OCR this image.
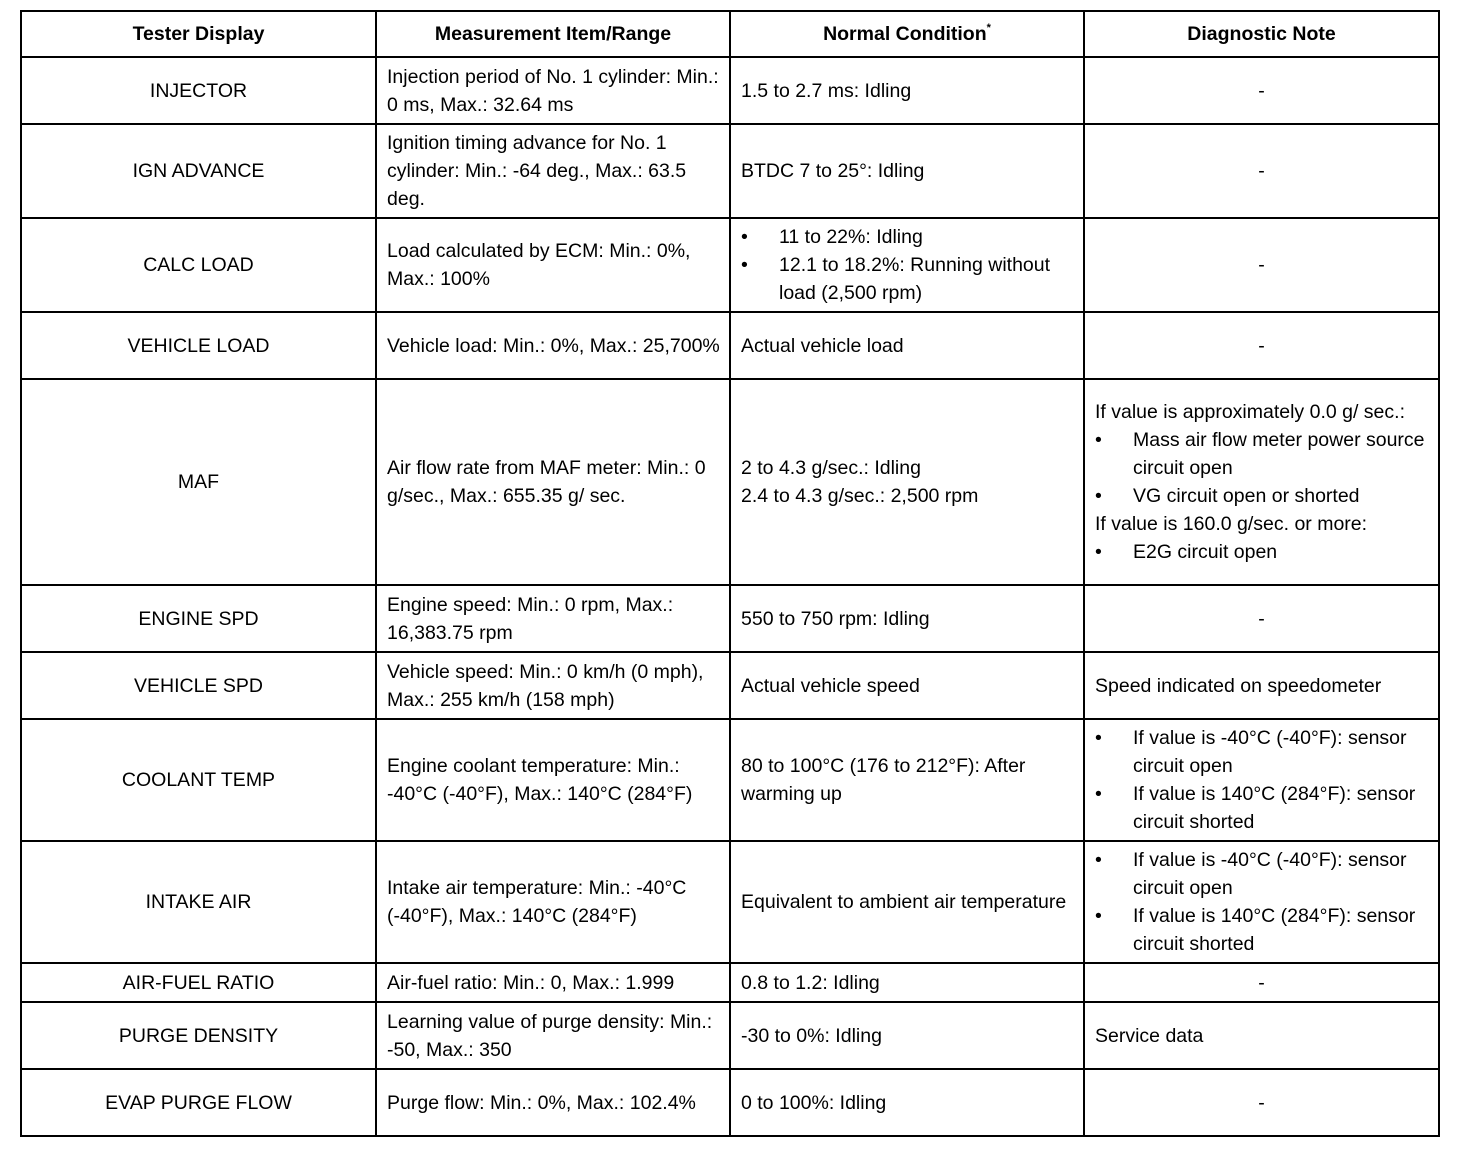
Tester Display	Measurement Item/Range	Normal Condition*	Diagnostic Note
INJECTOR	Injection period of No. 1 cylinder: Min.: 0 ms, Max.: 32.64 ms	1.5 to 2.7 ms: Idling	-
IGN ADVANCE	Ignition timing advance for No. 1 cylinder: Min.: -64 deg., Max.: 63.5 deg.	BTDC 7 to 25°: Idling	-
CALC LOAD	Load calculated by ECM: Min.: 0%, Max.: 100%	• 11 to 22%: Idling
• 12.1 to 18.2%: Running without load (2,500 rpm)	-
VEHICLE LOAD	Vehicle load: Min.: 0%, Max.: 25,700%	Actual vehicle load	-
MAF	Air flow rate from MAF meter: Min.: 0 g/sec., Max.: 655.35 g/ sec.	2 to 4.3 g/sec.: Idling
2.4 to 4.3 g/sec.: 2,500 rpm	If value is approximately 0.0 g/ sec.:
• Mass air flow meter power source circuit open
• VG circuit open or shorted
If value is 160.0 g/sec. or more:
• E2G circuit open

ENGINE SPD	Engine speed: Min.: 0 rpm, Max.: 16,383.75 rpm	550 to 750 rpm: Idling	-
VEHICLE SPD	Vehicle speed: Min.: 0 km/h (0 mph), Max.: 255 km/h (158 mph)	Actual vehicle speed	Speed indicated on speedometer
COOLANT TEMP	Engine coolant temperature: Min.: -40°C (-40°F), Max.: 140°C (284°F)	80 to 100°C (176 to 212°F): After warming up	• If value is -40°C (-40°F): sensor circuit open
• If value is 140°C (284°F): sensor circuit shorted

INTAKE AIR	Intake air temperature: Min.: -40°C (-40°F), Max.: 140°C (284°F)	Equivalent to ambient air temperature	• If value is -40°C (-40°F): sensor circuit open
• If value is 140°C (284°F): sensor circuit shorted

AIR-FUEL RATIO	Air-fuel ratio: Min.: 0, Max.: 1.999	0.8 to 1.2: Idling	-
PURGE DENSITY	Learning value of purge density: Min.: -50, Max.: 350	-30 to 0%: Idling	Service data
EVAP PURGE FLOW	Purge flow: Min.: 0%, Max.: 102.4%	0 to 100%: Idling	-
